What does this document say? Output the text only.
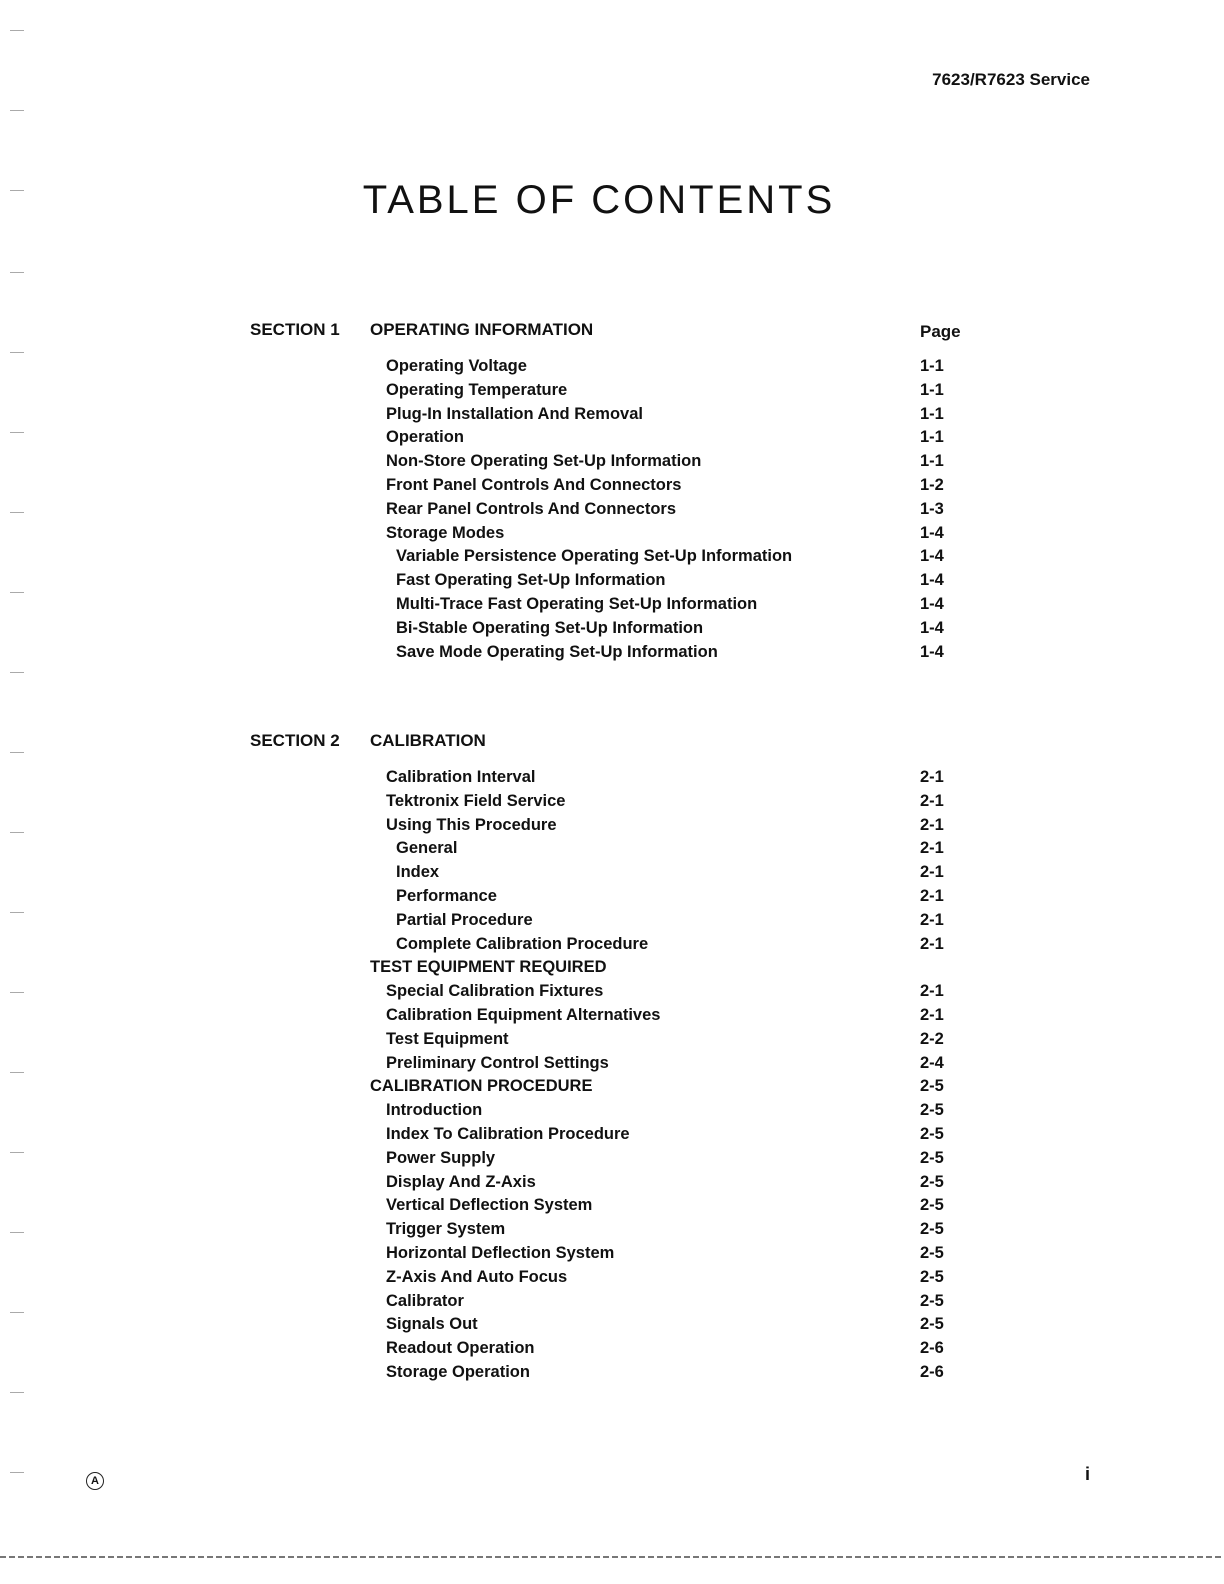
7623/R7623 Service
TABLE OF CONTENTS
SECTION 1 OPERATING INFORMATION	Page
Operating Voltage	1-1
Operating Temperature	1-1
Plug-In Installation And Removal	1-1
Operation	1-1
Non-Store Operating Set-Up Information	1-1
Front Panel Controls And Connectors	1-2
Rear Panel Controls And Connectors	1-3
Storage Modes	1-4
Variable Persistence Operating Set-Up Information	1-4
Fast Operating Set-Up Information	1-4
Multi-Trace Fast Operating Set-Up Information	1-4
Bi-Stable Operating Set-Up Information	1-4
Save Mode Operating Set-Up Information	1-4
SECTION 2 CALIBRATION
Calibration Interval	2-1
Tektronix Field Service	2-1
Using This Procedure	2-1
General	2-1
Index	2-1
Performance	2-1
Partial Procedure	2-1
Complete Calibration Procedure	2-1
TEST EQUIPMENT REQUIRED
Special Calibration Fixtures	2-1
Calibration Equipment Alternatives	2-1
Test Equipment	2-2
Preliminary Control Settings	2-4
CALIBRATION PROCEDURE	2-5
Introduction	2-5
Index To Calibration Procedure	2-5
Power Supply	2-5
Display And Z-Axis	2-5
Vertical Deflection System	2-5
Trigger System	2-5
Horizontal Deflection System	2-5
Z-Axis And Auto Focus	2-5
Calibrator	2-5
Signals Out	2-5
Readout Operation	2-6
Storage Operation	2-6
A	i
